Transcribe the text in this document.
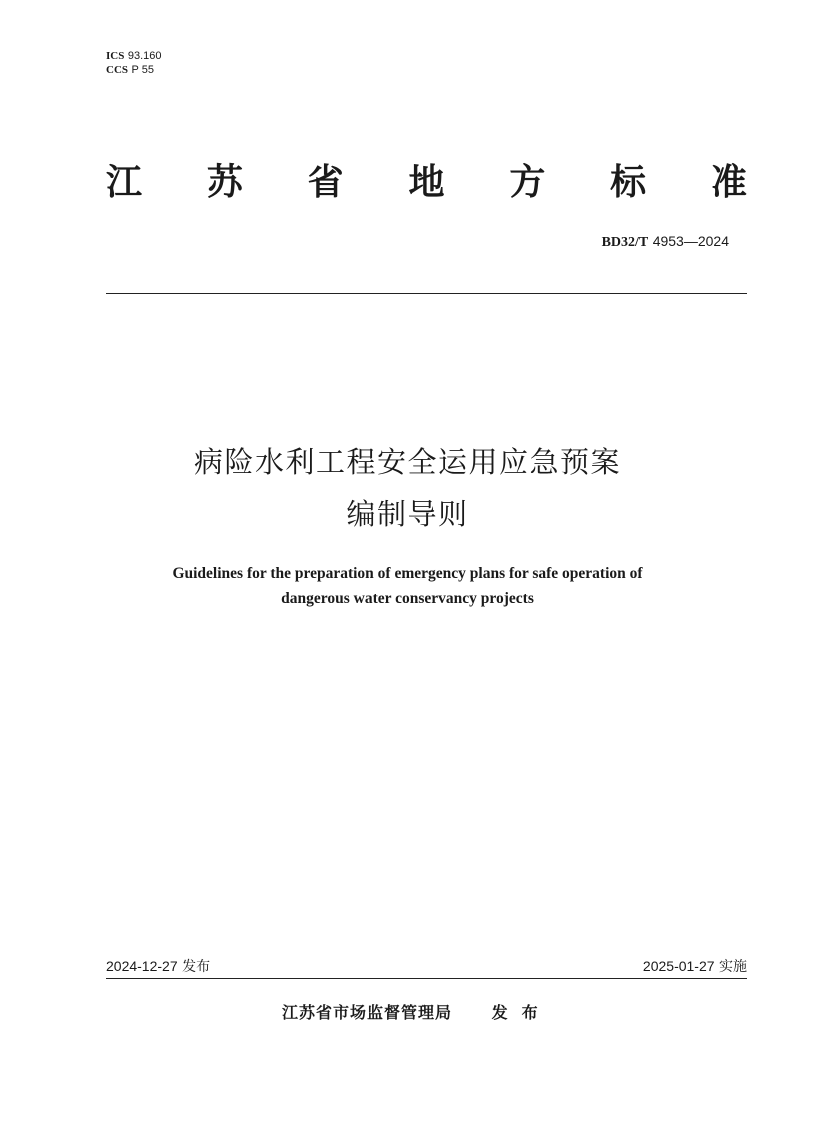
ICS 93.160
CCS P 55
江 苏 省 地 方 标 准
BD32/T 4953—2024
病险水利工程安全运用应急预案
编制导则
Guidelines for the preparation of emergency plans for safe operation of
dangerous water conservancy projects
2024-12-27 发布	2025-01-27 实施
江苏省市场监督管理局 发布
